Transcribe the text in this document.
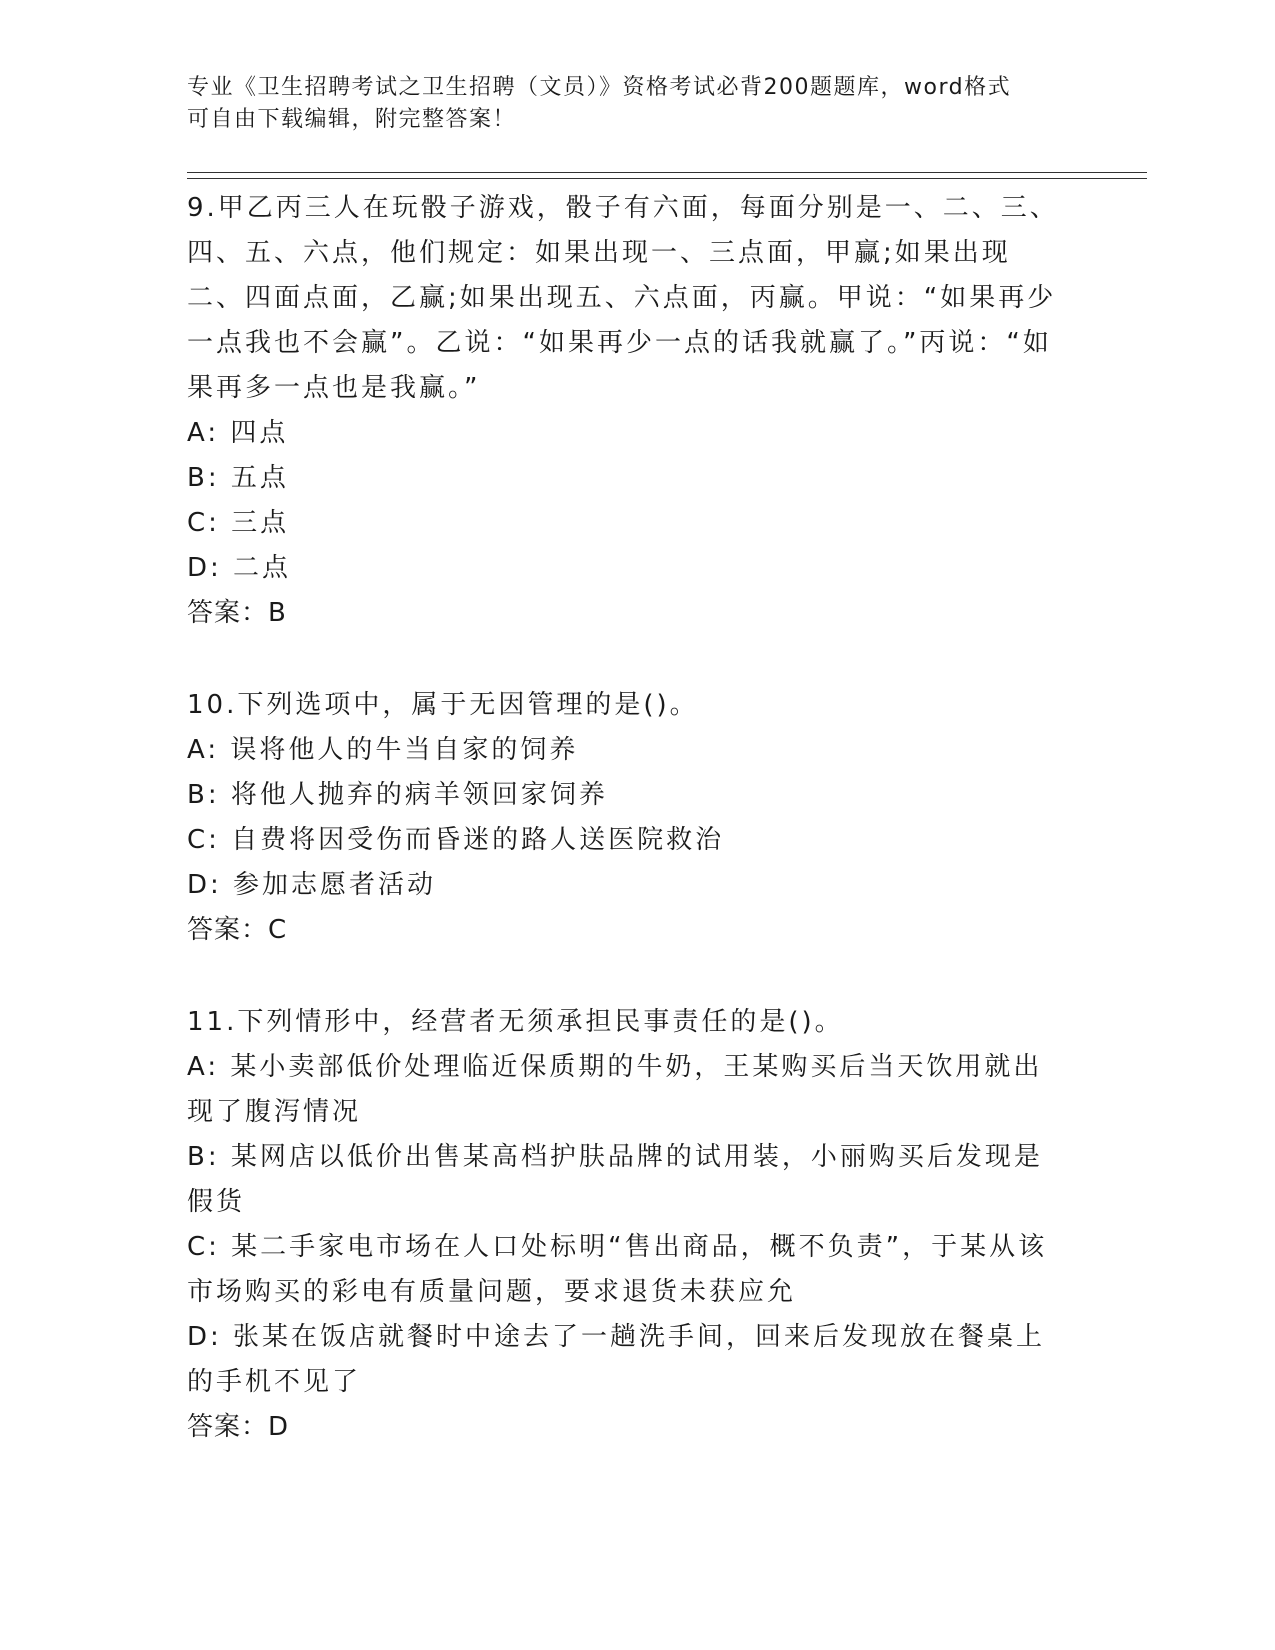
专业《卫生招聘考试之卫生招聘（文员）》资格考试必背200题题库，word格式
可自由下载编辑，附完整答案！
9.甲乙丙三人在玩骰子游戏，骰子有六面，每面分别是一、二、三、四、五、六点，他们规定：如果出现一、三点面，甲赢;如果出现二、四面点面，乙赢;如果出现五、六点面，丙赢。甲说：“如果再少一点我也不会赢”。乙说：“如果再少一点的话我就赢了。”丙说：“如果再多一点也是我赢。”
A: 四点
B: 五点
C: 三点
D: 二点
答案：B
10.下列选项中，属于无因管理的是()。
A: 误将他人的牛当自家的饲养
B: 将他人抛弃的病羊领回家饲养
C: 自费将因受伤而昏迷的路人送医院救治
D: 参加志愿者活动
答案：C
11.下列情形中，经营者无须承担民事责任的是()。
A: 某小卖部低价处理临近保质期的牛奶，王某购买后当天饮用就出现了腹泻情况
B: 某网店以低价出售某高档护肤品牌的试用装，小丽购买后发现是假货
C: 某二手家电市场在人口处标明“售出商品，概不负责”，于某从该市场购买的彩电有质量问题，要求退货未获应允
D: 张某在饭店就餐时中途去了一趟洗手间，回来后发现放在餐桌上的手机不见了
答案：D
